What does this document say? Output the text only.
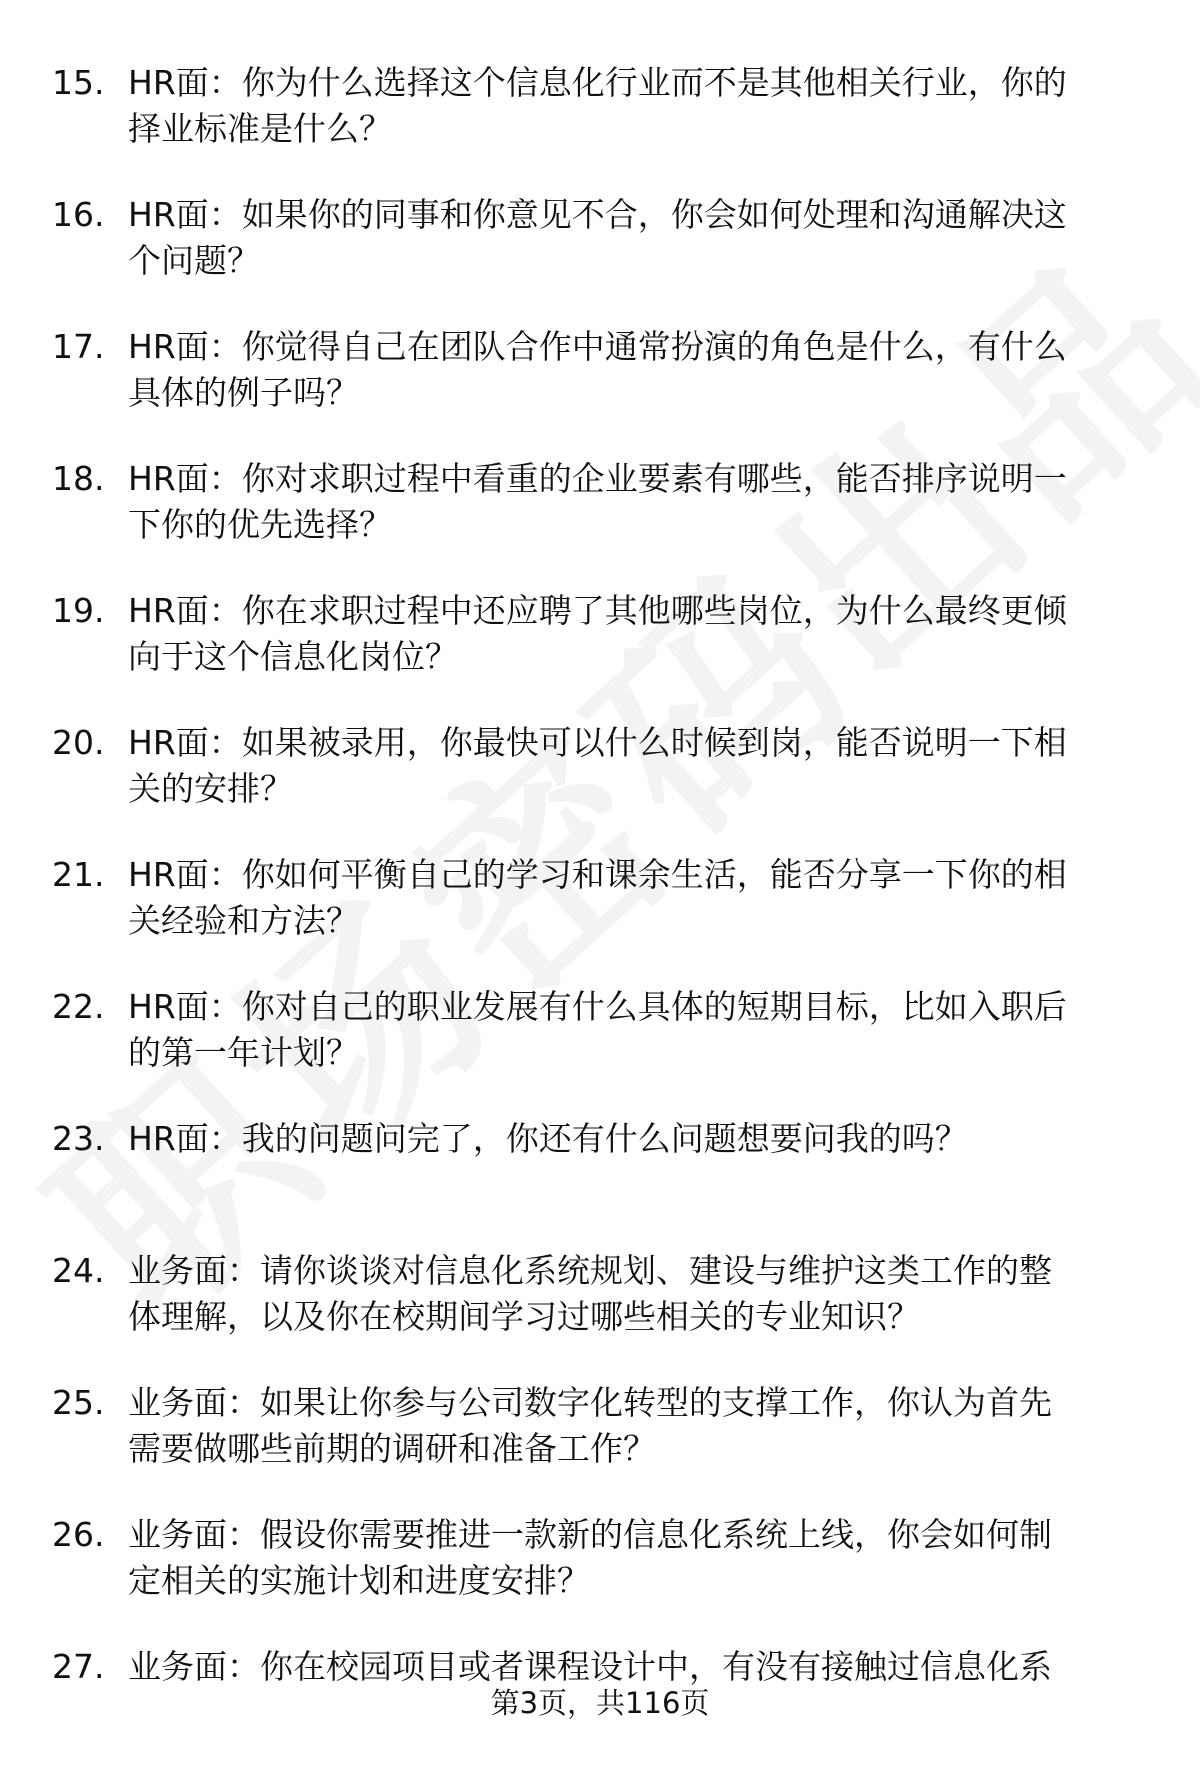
15. HR面：你为什么选择这个信息化行业而不是其他相关行业，你的
择业标准是什么？
16. HR面：如果你的同事和你意见不合，你会如何处理和沟通解决这
个问题？
17. HR面：你觉得自己在团队合作中通常扮演的角色是什么，有什么
具体的例子吗？
18. HR面：你对求职过程中看重的企业要素有哪些，能否排序说明一
下你的优先选择？
19. HR面：你在求职过程中还应聘了其他哪些岗位，为什么最终更倾
向于这个信息化岗位？
20. HR面：如果被录用，你最快可以什么时候到岗，能否说明一下相
关的安排？
21. HR面：你如何平衡自己的学习和课余生活，能否分享一下你的相
关经验和方法？
22. HR面：你对自己的职业发展有什么具体的短期目标，比如入职后
的第一年计划？
23. HR面：我的问题问完了，你还有什么问题想要问我的吗？
24. 业务面：请你谈谈对信息化系统规划、建设与维护这类工作的整
体理解，以及你在校期间学习过哪些相关的专业知识？
25. 业务面：如果让你参与公司数字化转型的支撑工作，你认为首先
需要做哪些前期的调研和准备工作？
26. 业务面：假设你需要推进一款新的信息化系统上线，你会如何制
定相关的实施计划和进度安排？
27. 业务面：你在校园项目或者课程设计中，有没有接触过信息化系
第3页，共116页
